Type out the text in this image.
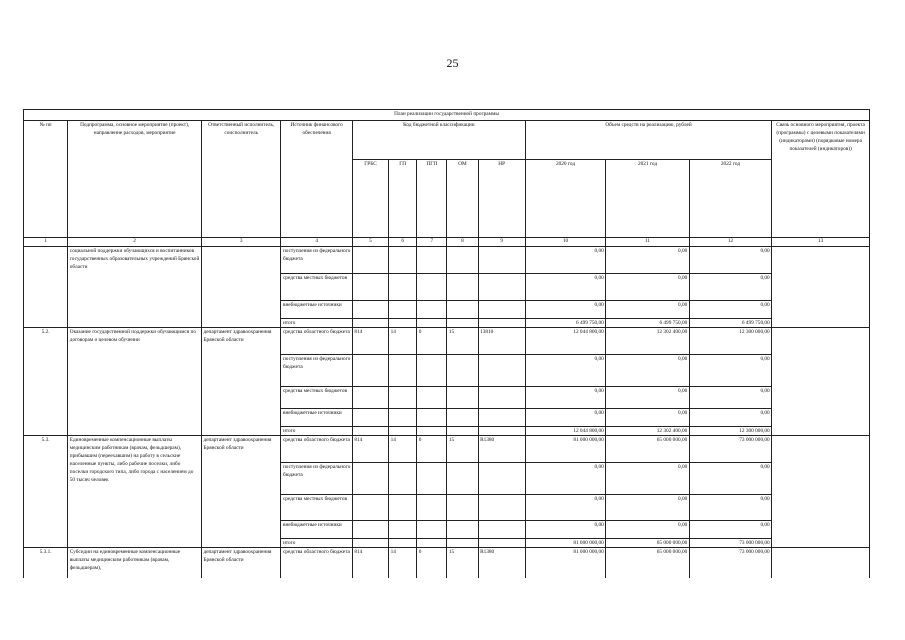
25
План реализации государственной программы												
№ пп	Подпрограмма, основное мероприятие (проект), направление расходов, мероприятие	Ответственный исполнитель, соисполнитель	Источник финансового обеспечения	Код бюджетной классификации					Объем средств на реализацию, рублей			Связь основного мероприятия, проекта (программы) с целевыми показателями (индикаторами) (порядковые номера показателей (индикаторов))
				ГРБС	ГП	ПГП	ОМ	НР	2020 год	2021 год	2022 год	
1	2	3	4	5	6	7	8	9	10	11	12	13
	социальной поддержки обучающихся и воспитанников государственных образовательных учреждений Брянской области		поступления из федерального бюджета						0,00	0,00	0,00	
			средства местных бюджетов						0,00	0,00	0,00	
			внебюджетные источники						0,00	0,00	0,00	
			итого						6 499 750,00	6 499 750,00	6 499 750,00	
5.2.	Оказание государственной поддержки обучающимся по договорам о целевом обучении	департамент здравоохранения Брянской области	средства областного бюджета	814	14	0	15	13810	12 044 800,00	12 302 400,00	12 300 000,00	
			поступления из федерального бюджета						0,00	0,00	0,00	
			средства местных бюджетов						0,00	0,00	0,00	
			внебюджетные источники						0,00	0,00	0,00	
			итого						12 044 800,00	12 302 400,00	12 300 000,00	
5.3.	Единовременные компенсационные выплаты медицинским работникам (врачам, фельдшерам), прибывшим (переехавшим) на работу в сельские населенные пункты, либо рабочие поселки, либо поселки городского типа, либо города с населением до 50 тысяч человек	департамент здравоохранения Брянской области	средства областного бюджета	814	14	0	15	R1380	81 000 000,00	65 000 000,00	73 000 000,00	
			поступления из федерального бюджета						0,00	0,00	0,00	
			средства местных бюджетов						0,00	0,00	0,00	
			внебюджетные источники						0,00	0,00	0,00	
			итого						81 000 000,00	65 000 000,00	73 000 000,00	
5.3.1.	Субсидии на единовременные компенсационные выплаты медицинским работникам (врачам, фельдшерам),	департамент здравоохранения Брянской области	средства областного бюджета	814	14	0	15	R1380	81 000 000,00	65 000 000,00	73 000 000,00	
